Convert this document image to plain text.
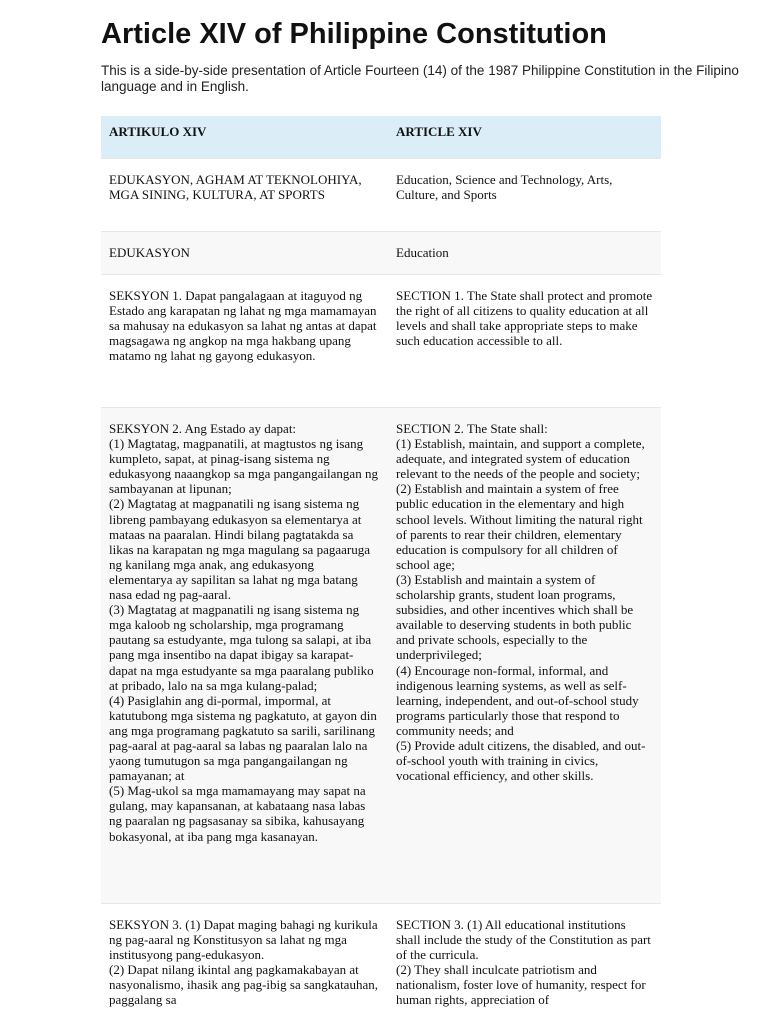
Article XIV of Philippine Constitution

This is a side-by-side presentation of Article Fourteen (14) of the 1987 Philippine Constitution in the Filipino language and in English.

ARTIKULO XIV	ARTICLE XIV

EDUKASYON, AGHAM AT TEKNOLOHIYA, MGA SINING, KULTURA, AT SPORTS

Education, Science and Technology, Arts, Culture, and Sports

EDUKASYON	Education

SEKSYON 1. Dapat pangalagaan at itaguyod ng Estado ang karapatan ng lahat ng mga mamamayan sa mahusay na edukasyon sa lahat ng antas at dapat magsagawa ng angkop na mga hakbang upang matamo ng lahat ng gayong edukasyon.

SECTION 1. The State shall protect and promote the right of all citizens to quality education at all levels and shall take appropriate steps to make such education accessible to all.

SEKSYON 2. Ang Estado ay dapat:

(1) Magtatag, magpanatili, at magtustos ng isang kumpleto, sapat, at pinag-isang sistema ng edukasyong naaangkop sa mga pangangailangan ng sambayanan at lipunan;

(2) Magtatag at magpanatili ng isang sistema ng libreng pambayang edukasyon sa elementarya at mataas na paaralan. Hindi bilang pagtatakda sa likas na karapatan ng mga magulang sa pagaaruga ng kanilang mga anak, ang edukasyong elementarya ay sapilitan sa lahat ng mga batang nasa edad ng pag-aaral.

(3) Magtatag at magpanatili ng isang sistema ng mga kaloob ng scholarship, mga programang pautang sa estudyante, mga tulong sa salapi, at iba pang mga insentibo na dapat ibigay sa karapat-dapat na mga estudyante sa mga paaralang publiko at pribado, lalo na sa mga kulang-palad;

(4) Pasiglahin ang di-pormal, impormal, at katutubong mga sistema ng pagkatuto, at gayon din ang mga programang pagkatuto sa sarili, sarilinang pag-aaral at pag-aaral sa labas ng paaralan lalo na yaong tumutugon sa mga pangangailangan ng pamayanan; at

(5) Mag-ukol sa mga mamamayang may sapat na gulang, may kapansanan, at kabataang nasa labas ng paaralan ng pagsasanay sa sibika, kahusayang bokasyonal, at iba pang mga kasanayan.

SECTION 2. The State shall:

(1) Establish, maintain, and support a complete, adequate, and integrated system of education relevant to the needs of the people and society;

(2) Establish and maintain a system of free public education in the elementary and high school levels. Without limiting the natural right of parents to rear their children, elementary education is compulsory for all children of school age;

(3) Establish and maintain a system of scholarship grants, student loan programs, subsidies, and other incentives which shall be available to deserving students in both public and private schools, especially to the underprivileged;

(4) Encourage non-formal, informal, and indigenous learning systems, as well as self-learning, independent, and out-of-school study programs particularly those that respond to community needs; and

(5) Provide adult citizens, the disabled, and out-of-school youth with training in civics, vocational efficiency, and other skills.

SEKSYON 3. (1) Dapat maging bahagi ng kurikula ng pag-aaral ng Konstitusyon sa lahat ng mga institusyong pang-edukasyon.

(2) Dapat nilang ikintal ang pagkamakabayan at nasyonalismo, ihasik ang pag-ibig sa sangkatauhan, paggalang sa

SECTION 3. (1) All educational institutions shall include the study of the Constitution as part of the curricula.

(2) They shall inculcate patriotism and nationalism, foster love of humanity, respect for human rights, appreciation of
